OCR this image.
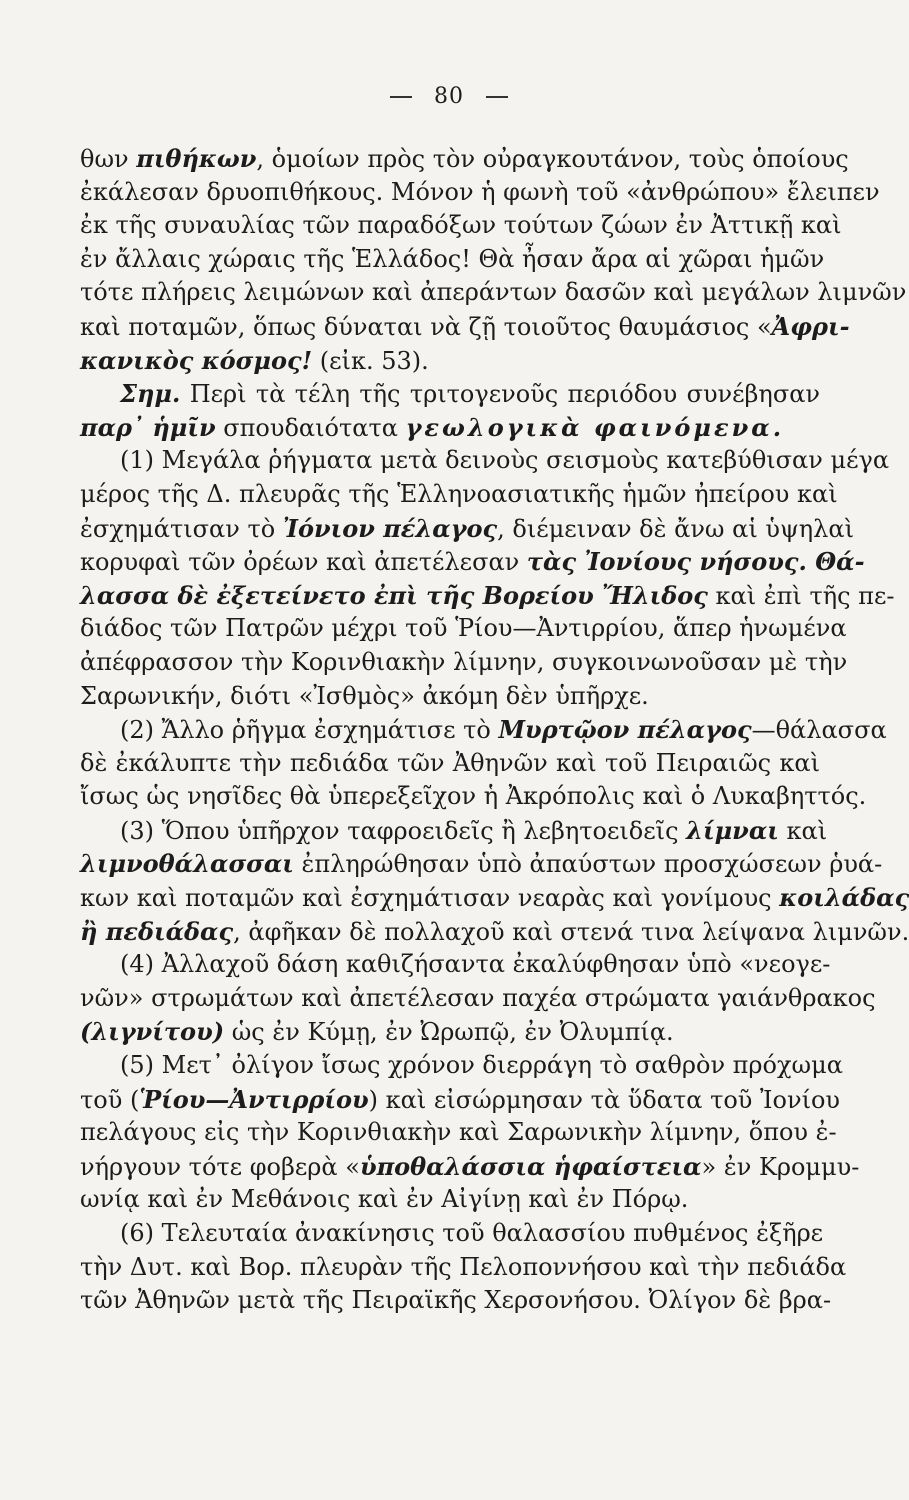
80
θων πιθήκων, ὁμοίων πρὸς τὸν οὐραγκουτάνον, τοὺς ὁποίους
ἐκάλεσαν δρυοπιθήκους. Μόνον ἡ φωνὴ τοῦ «ἀνθρώπου» ἔλειπεν
ἐκ τῆς συναυλίας τῶν παραδόξων τούτων ζώων ἐν Ἀττικῇ καὶ
ἐν ἄλλαις χώραις τῆς Ἑλλάδος! Θὰ ἦσαν ἄρα αἱ χῶραι ἡμῶν
τότε πλήρεις λειμώνων καὶ ἀπεράντων δασῶν καὶ μεγάλων λιμνῶν
καὶ ποταμῶν, ὅπως δύναται νὰ ζῇ τοιοῦτος θαυμάσιος «Ἀφρι-
κανικὸς κόσμος! (εἰκ. 53).
Σημ. Περὶ τὰ τέλη τῆς τριτογενοῦς περιόδου συνέβησαν
παρ᾽ ἡμῖν σπουδαιότατα γεωλογικὰ φαινόμενα.
(1) Μεγάλα ῥήγματα μετὰ δεινοὺς σεισμοὺς κατεβύθισαν μέγα
μέρος τῆς Δ. πλευρᾶς τῆς Ἑλληνοασιατικῆς ἡμῶν ἠπείρου καὶ
ἐσχημάτισαν τὸ Ἰόνιον πέλαγος, διέμειναν δὲ ἄνω αἱ ὑψηλαὶ
κορυφαὶ τῶν ὀρέων καὶ ἀπετέλεσαν τὰς Ἰονίους νήσους. Θά-
λασσα δὲ ἐξετείνετο ἐπὶ τῆς Βορείου Ἤλιδος καὶ ἐπὶ τῆς πε-
διάδος τῶν Πατρῶν μέχρι τοῦ Ῥίου—Ἀντιρρίου, ἅπερ ἡνωμένα
ἀπέφρασσον τὴν Κορινθιακὴν λίμνην, συγκοινωνοῦσαν μὲ τὴν
Σαρωνικήν, διότι «Ἰσθμὸς» ἀκόμη δὲν ὑπῆρχε.
(2) Ἄλλο ῥῆγμα ἐσχημάτισε τὸ Μυρτῷον πέλαγος—θάλασσα
δὲ ἐκάλυπτε τὴν πεδιάδα τῶν Ἀθηνῶν καὶ τοῦ Πειραιῶς καὶ
ἴσως ὡς νησῖδες θὰ ὑπερεξεῖχον ἡ Ἀκρόπολις καὶ ὁ Λυκαβηττός.
(3) Ὅπου ὑπῆρχον ταφροειδεῖς ἢ λεβητοειδεῖς λίμναι καὶ
λιμνοθάλασσαι ἐπληρώθησαν ὑπὸ ἀπαύστων προσχώσεων ῥυά-
κων καὶ ποταμῶν καὶ ἐσχημάτισαν νεαρὰς καὶ γονίμους κοιλάδας
ἢ πεδιάδας, ἀφῆκαν δὲ πολλαχοῦ καὶ στενά τινα λείψανα λιμνῶν.
(4) Ἀλλαχοῦ δάση καθιζήσαντα ἐκαλύφθησαν ὑπὸ «νεογε-
νῶν» στρωμάτων καὶ ἀπετέλεσαν παχέα στρώματα γαιάνθρακος
(λιγνίτου) ὡς ἐν Κύμῃ, ἐν Ὠρωπῷ, ἐν Ὀλυμπίᾳ.
(5) Μετ᾽ ὀλίγον ἴσως χρόνον διερράγη τὸ σαθρὸν πρόχωμα
τοῦ (Ῥίου—Ἀντιρρίου) καὶ εἰσώρμησαν τὰ ὕδατα τοῦ Ἰονίου
πελάγους εἰς τὴν Κορινθιακὴν καὶ Σαρωνικὴν λίμνην, ὅπου ἐ-
νήργουν τότε φοβερὰ «ὑποθαλάσσια ἡφαίστεια» ἐν Κρομμυ-
ωνίᾳ καὶ ἐν Μεθάνοις καὶ ἐν Αἰγίνῃ καὶ ἐν Πόρῳ.
(6) Τελευταία ἀνακίνησις τοῦ θαλασσίου πυθμένος ἐξῆρε
τὴν Δυτ. καὶ Βορ. πλευρὰν τῆς Πελοποννήσου καὶ τὴν πεδιάδα
τῶν Ἀθηνῶν μετὰ τῆς Πειραϊκῆς Χερσονήσου. Ὀλίγον δὲ βρα-
